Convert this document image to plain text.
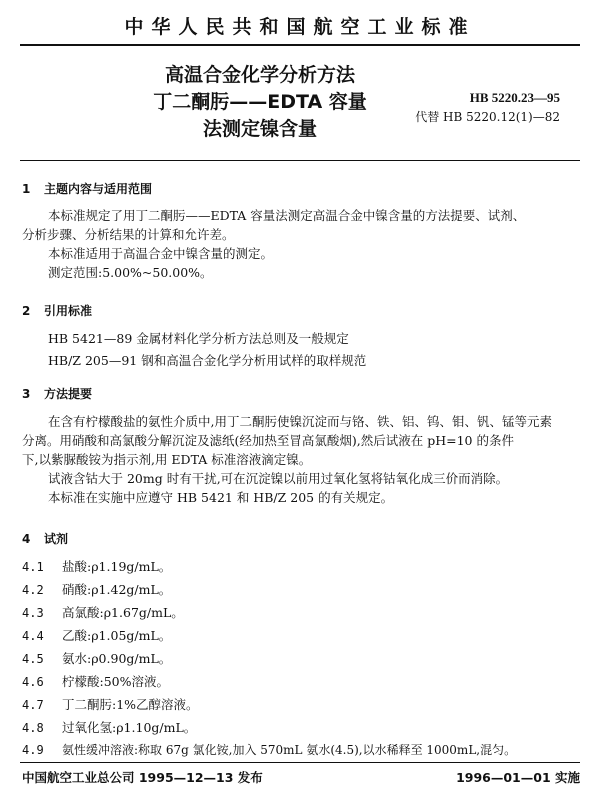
中华人民共和国航空工业标准
高温合金化学分析方法
丁二酮肟——EDTA 容量
法测定镍含量
HB 5220.23—95
代替 HB 5220.12(1)—82
1 主题内容与适用范围
本标准规定了用丁二酮肟——EDTA 容量法测定高温合金中镍含量的方法提要、试剂、
分析步骤、分析结果的计算和允许差。
本标准适用于高温合金中镍含量的测定。
测定范围:5.00%~50.00%。
2 引用标准
HB 5421—89 金属材料化学分析方法总则及一般规定
HB/Z 205—91 钢和高温合金化学分析用试样的取样规范
3 方法提要
在含有柠檬酸盐的氨性介质中,用丁二酮肟使镍沉淀而与铬、铁、铝、钨、钼、钒、锰等元素
分离。用硝酸和高氯酸分解沉淀及滤纸(经加热至冒高氯酸烟),然后试液在 pH=10 的条件
下,以紫脲酸铵为指示剂,用 EDTA 标准溶液滴定镍。
试液含钴大于 20mg 时有干扰,可在沉淀镍以前用过氧化氢将钴氧化成三价而消除。
本标准在实施中应遵守 HB 5421 和 HB/Z 205 的有关规定。
4 试剂
4.1 盐酸:ρ1.19g/mL。
4.2 硝酸:ρ1.42g/mL。
4.3 高氯酸:ρ1.67g/mL。
4.4 乙酸:ρ1.05g/mL。
4.5 氨水:ρ0.90g/mL。
4.6 柠檬酸:50%溶液。
4.7 丁二酮肟:1%乙醇溶液。
4.8 过氧化氢:ρ1.10g/mL。
4.9 氨性缓冲溶液:称取 67g 氯化铵,加入 570mL 氨水(4.5),以水稀释至 1000mL,混匀。
中国航空工业总公司 1995—12—13 发布	1996—01—01 实施
